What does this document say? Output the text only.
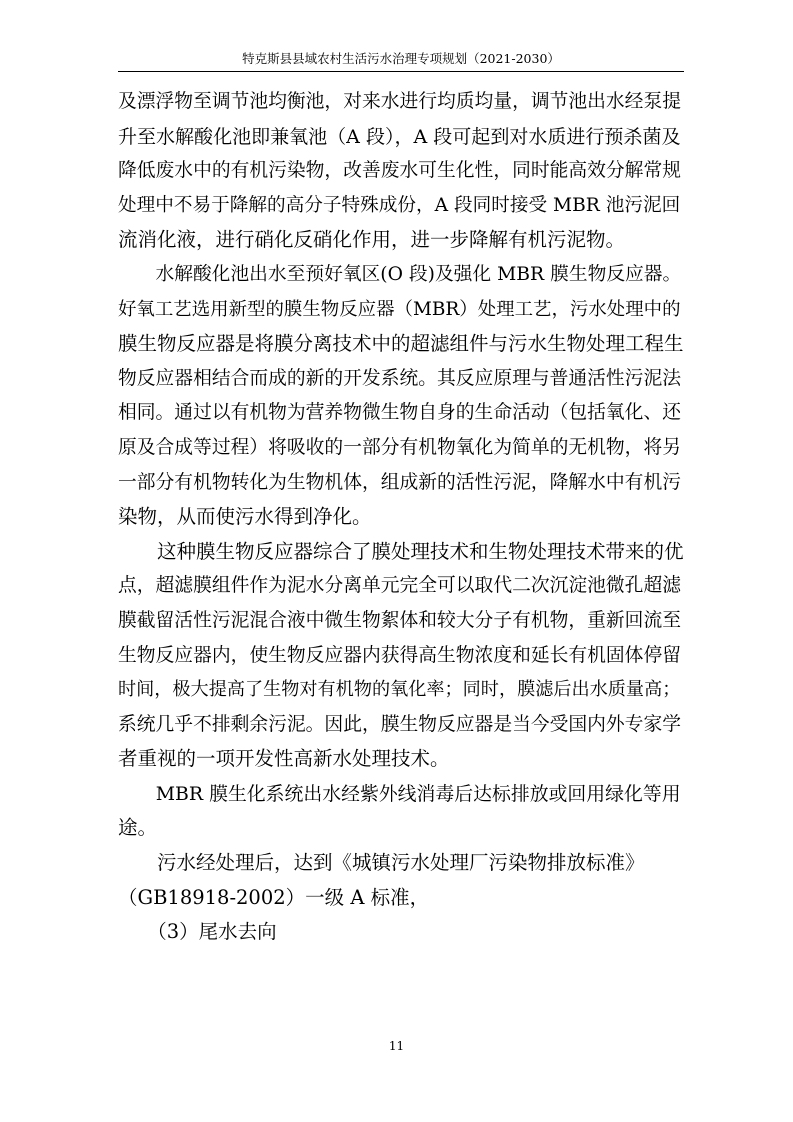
特克斯县县域农村生活污水治理专项规划（2021-2030）
及漂浮物至调节池均衡池，对来水进行均质均量，调节池出水经泵提
升至水解酸化池即兼氧池（A 段），A 段可起到对水质进行预杀菌及
降低废水中的有机污染物，改善废水可生化性，同时能高效分解常规
处理中不易于降解的高分子特殊成份，A 段同时接受 MBR 池污泥回
流消化液，进行硝化反硝化作用，进一步降解有机污泥物。
　　水解酸化池出水至预好氧区(O 段)及强化 MBR 膜生物反应器。
好氧工艺选用新型的膜生物反应器（MBR）处理工艺，污水处理中的
膜生物反应器是将膜分离技术中的超滤组件与污水生物处理工程生
物反应器相结合而成的新的开发系统。其反应原理与普通活性污泥法
相同。通过以有机物为营养物微生物自身的生命活动（包括氧化、还
原及合成等过程）将吸收的一部分有机物氧化为简单的无机物，将另
一部分有机物转化为生物机体，组成新的活性污泥，降解水中有机污
染物，从而使污水得到净化。
　　这种膜生物反应器综合了膜处理技术和生物处理技术带来的优
点，超滤膜组件作为泥水分离单元完全可以取代二次沉淀池微孔超滤
膜截留活性污泥混合液中微生物絮体和较大分子有机物，重新回流至
生物反应器内，使生物反应器内获得高生物浓度和延长有机固体停留
时间，极大提高了生物对有机物的氧化率；同时，膜滤后出水质量高；
系统几乎不排剩余污泥。因此，膜生物反应器是当今受国内外专家学
者重视的一项开发性高新水处理技术。
　　MBR 膜生化系统出水经紫外线消毒后达标排放或回用绿化等用
途。
　　污水经处理后，达到《城镇污水处理厂污染物排放标准》
（GB18918-2002）一级 A 标准，
　　（3）尾水去向
11
